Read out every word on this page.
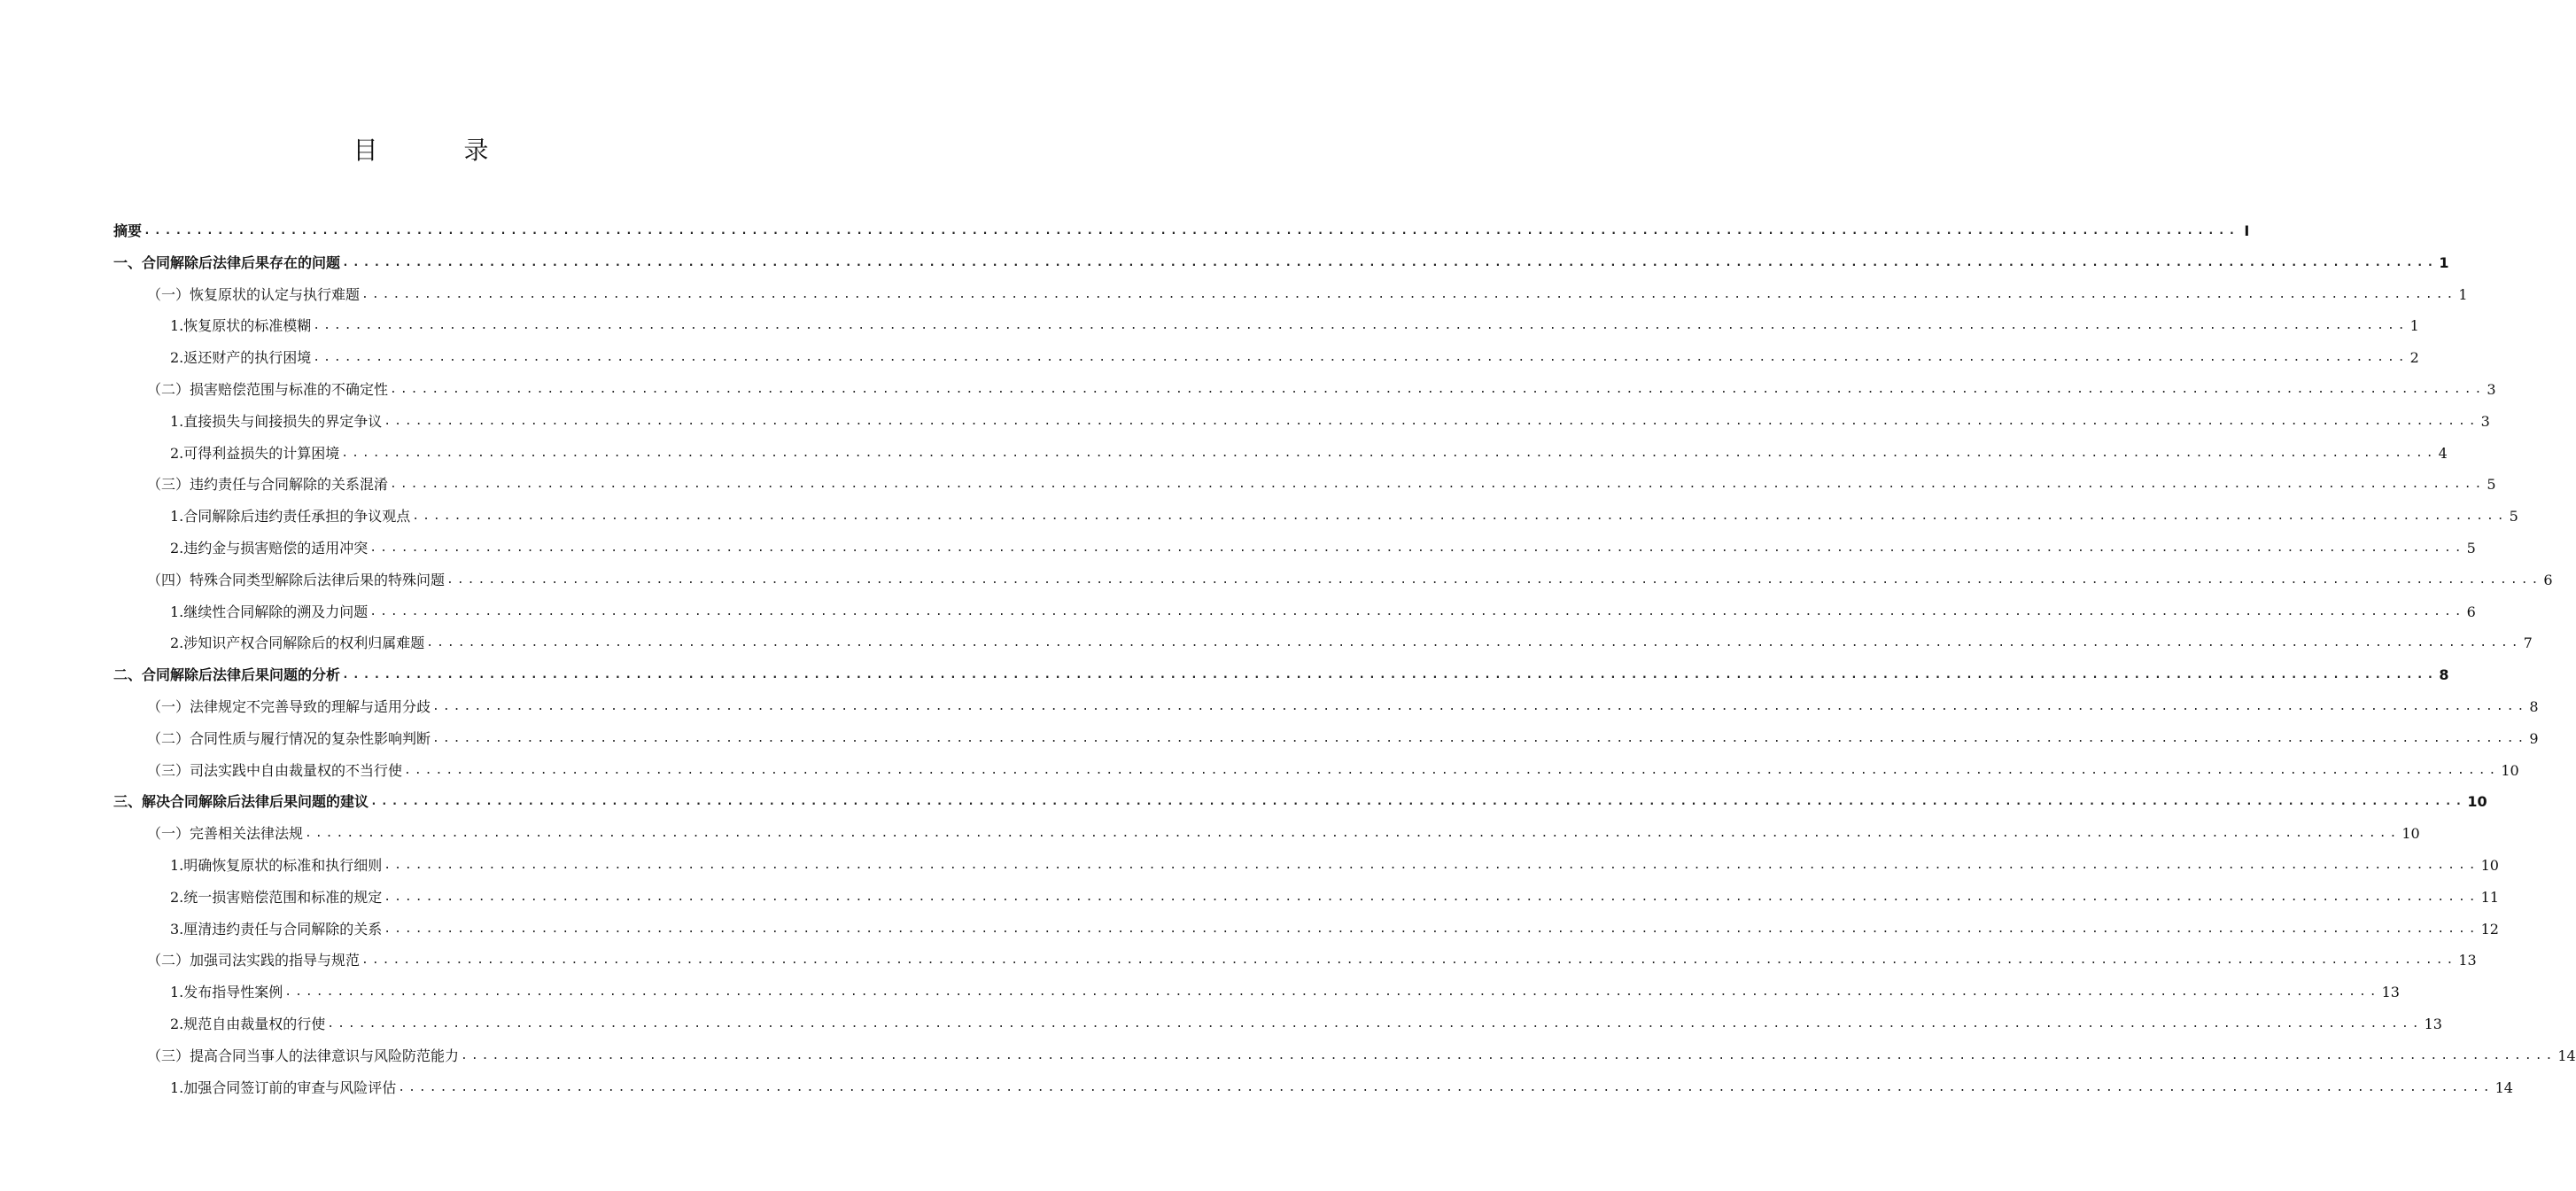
目 录
摘要 ........................................................................................................................................................................................................ I
一、合同解除后法律后果存在的问题 ........................................................................................................................................................................................................ 1
（一）恢复原状的认定与执行难题 ........................................................................................................................................................................................................ 1
1.恢复原状的标准模糊 ........................................................................................................................................................................................................ 1
2.返还财产的执行困境 ........................................................................................................................................................................................................ 2
（二）损害赔偿范围与标准的不确定性 ........................................................................................................................................................................................................ 3
1.直接损失与间接损失的界定争议 ........................................................................................................................................................................................................ 3
2.可得利益损失的计算困境 ........................................................................................................................................................................................................ 4
（三）违约责任与合同解除的关系混淆 ........................................................................................................................................................................................................ 5
1.合同解除后违约责任承担的争议观点 ........................................................................................................................................................................................................ 5
2.违约金与损害赔偿的适用冲突 ........................................................................................................................................................................................................ 5
（四）特殊合同类型解除后法律后果的特殊问题 ........................................................................................................................................................................................................ 6
1.继续性合同解除的溯及力问题 ........................................................................................................................................................................................................ 6
2.涉知识产权合同解除后的权利归属难题 ........................................................................................................................................................................................................ 7
二、合同解除后法律后果问题的分析 ........................................................................................................................................................................................................ 8
（一）法律规定不完善导致的理解与适用分歧 ........................................................................................................................................................................................................ 8
（二）合同性质与履行情况的复杂性影响判断 ........................................................................................................................................................................................................ 9
（三）司法实践中自由裁量权的不当行使 ........................................................................................................................................................................................................ 10
三、解决合同解除后法律后果问题的建议 ........................................................................................................................................................................................................ 10
（一）完善相关法律法规 ........................................................................................................................................................................................................ 10
1.明确恢复原状的标准和执行细则 ........................................................................................................................................................................................................ 10
2.统一损害赔偿范围和标准的规定 ........................................................................................................................................................................................................ 11
3.厘清违约责任与合同解除的关系 ........................................................................................................................................................................................................ 12
（二）加强司法实践的指导与规范 ........................................................................................................................................................................................................ 13
1.发布指导性案例 ........................................................................................................................................................................................................ 13
2.规范自由裁量权的行使 ........................................................................................................................................................................................................ 13
（三）提高合同当事人的法律意识与风险防范能力 ........................................................................................................................................................................................................ 14
1.加强合同签订前的审查与风险评估 ........................................................................................................................................................................................................ 14
